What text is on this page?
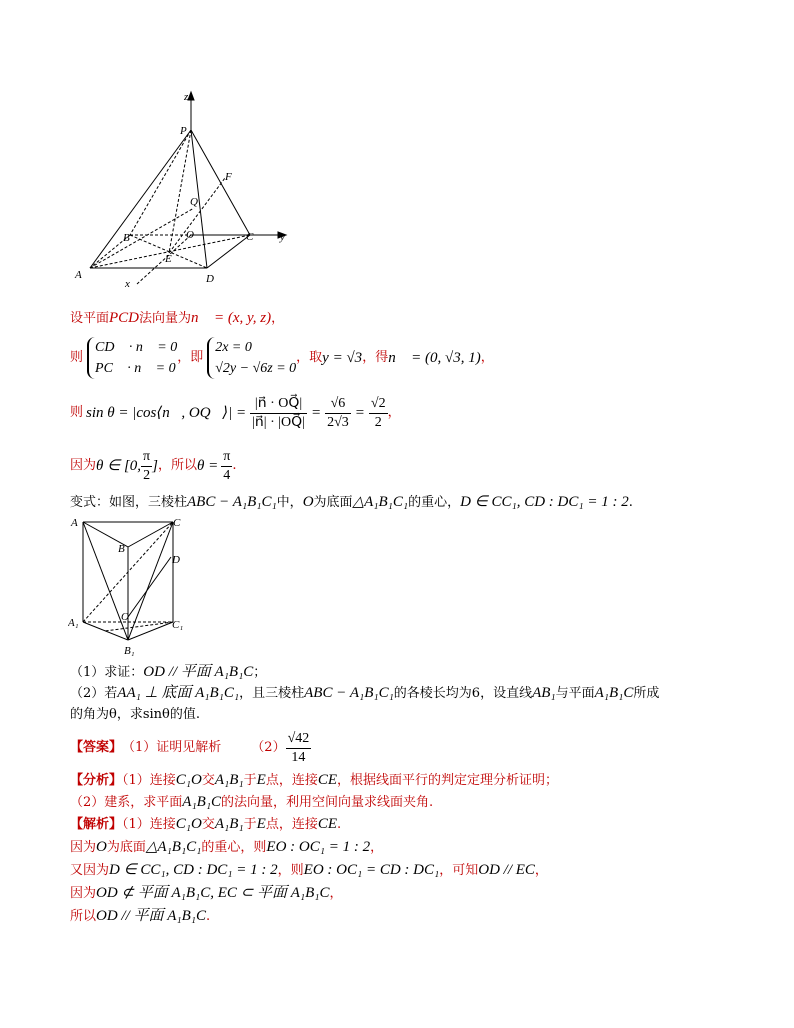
z
P
F
Q
B	O	C y
E
A	D
x
设平面PCD法向量为n⃗ = (x, y, z)，
则
CD⃗ · n⃗ = 0
PC⃗ · n⃗ = 0
，即
2x = 0
√2y − √6z = 0
，取 y = √3 ，得 n⃗ = (0, √3, 1) ，
则 sin θ = |cos⟨n⃗, OQ⃗⟩| = $\frac{|n⃗ \cdot OQ⃗|}{|n⃗| \cdot |OQ⃗|} = \frac{√6}{2√3} = \frac{√2}{2}$ ，
因为 θ ∈ [0, $\frac{\pi}{2}$ ] ，所以 $\theta = \frac{\pi}{4}$ .
变式：如图，三棱柱ABC − A₁B₁C₁中，O为底面△A₁B₁C₁的重心，D ∈ CC₁, CD : DC₁ = 1 : 2.
A	C
B
D
O
A₁	C₁
B₁
（1）求证：OD // 平面 A₁B₁C；
（2）若AA₁ ⊥ 底面 A₁B₁C₁，且三棱柱ABC − A₁B₁C₁的各棱长均为6，设直线AB₁与平面A₁B₁C所成
的角为θ，求sinθ的值.
【答案】 （1）证明见解析 $(2) \frac{√42}{14}$
【分析】（1）连接C₁O交A₁B₁于E点，连接CE，根据线面平行的判定定理分析证明；
（2）建系，求平面A₁B₁C的法向量，利用空间向量求线面夹角.
【解析】（1）连接C₁O交A₁B₁于E点，连接CE.
因为O为底面△A₁B₁C₁的重心，则EO : OC₁ = 1 : 2，
又因为D ∈ CC₁, CD : DC₁ = 1 : 2，则EO : OC₁ = CD : DC₁，可知OD // EC，
因为OD ⊄ 平面 A₁B₁C, EC ⊂ 平面 A₁B₁C，
所以OD // 平面 A₁B₁C.
